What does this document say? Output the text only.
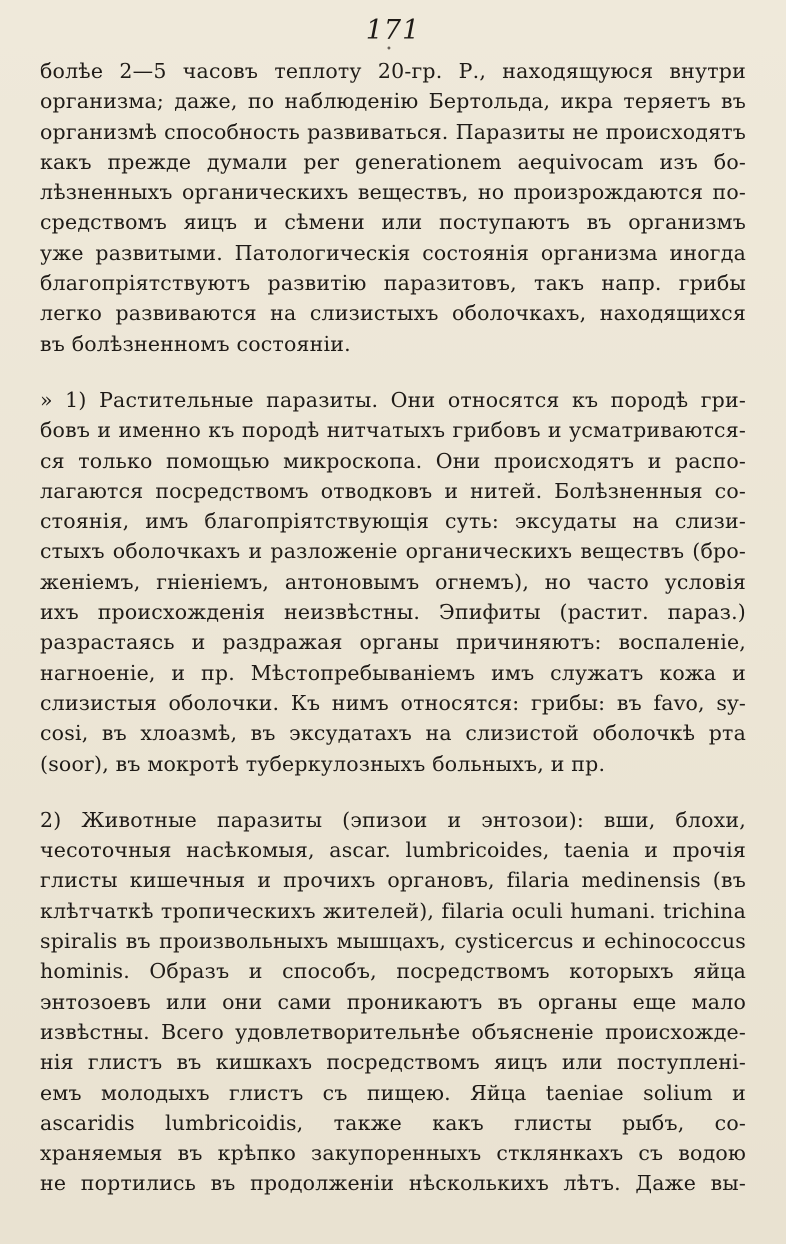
171
•
болѣе 2—5 часовъ теплоту 20-гр. Р., находящуюся внутри
организма; даже, по наблюденію Бертольда, икра теряетъ въ
организмѣ способность развиваться. Паразиты не происходятъ
какъ прежде думали per generationem aequivocam изъ бо-
лѣзненныхъ органическихъ веществъ, но произрождаются по-
средствомъ яицъ и сѣмени или поступаютъ въ организмъ
уже развитыми. Патологическія состоянія организма иногда
благопріятствуютъ развитію паразитовъ, такъ напр. грибы
легко развиваются на слизистыхъ оболочкахъ, находящихся
въ болѣзненномъ состояніи.
» 1) Растительные паразиты. Они относятся къ породѣ гри-
бовъ и именно къ породѣ нитчатыхъ грибовъ и усматриваются-
ся только помощью микроскопа. Они происходятъ и распо-
лагаются посредствомъ отводковъ и нитей. Болѣзненныя со-
стоянія, имъ благопріятствующія суть: эксудаты на слизи-
стыхъ оболочкахъ и разложеніе органическихъ веществъ (бро-
женіемъ, гніеніемъ, антоновымъ огнемъ), но часто условія
ихъ происхожденія неизвѣстны. Эпифиты (растит. параз.)
разрастаясь и раздражая органы причиняютъ: воспаленіе,
нагноеніе, и пр. Мѣстопребываніемъ имъ служатъ кожа и
слизистыя оболочки. Къ нимъ относятся: грибы: въ favo, sy-
cosi, въ хлоазмѣ, въ эксудатахъ на слизистой оболочкѣ рта
(soor), въ мокротѣ туберкулозныхъ больныхъ, и пр.
2) Животные паразиты (эпизои и энтозои): вши, блохи,
чесоточныя насѣкомыя, ascar. lumbricoides, taenia и прочія
глисты кишечныя и прочихъ органовъ, filaria medinensis (въ
клѣтчаткѣ тропическихъ жителей), filaria oculi humani. trichina
spiralis въ произвольныхъ мышцахъ, cysticercus и echinococcus
hominis. Образъ и способъ, посредствомъ которыхъ яйца
энтозоевъ или они сами проникаютъ въ органы еще мало
извѣстны. Всего удовлетворительнѣе объясненіе происхожде-
нія глистъ въ кишкахъ посредствомъ яицъ или поступлені-
емъ молодыхъ глистъ съ пищею. Яйца taeniae solium и
ascaridis lumbricoidis, также какъ глисты рыбъ, со-
храняемыя въ крѣпко закупоренныхъ стклянкахъ съ водою
не портились въ продолженіи нѣсколькихъ лѣтъ. Даже вы-
